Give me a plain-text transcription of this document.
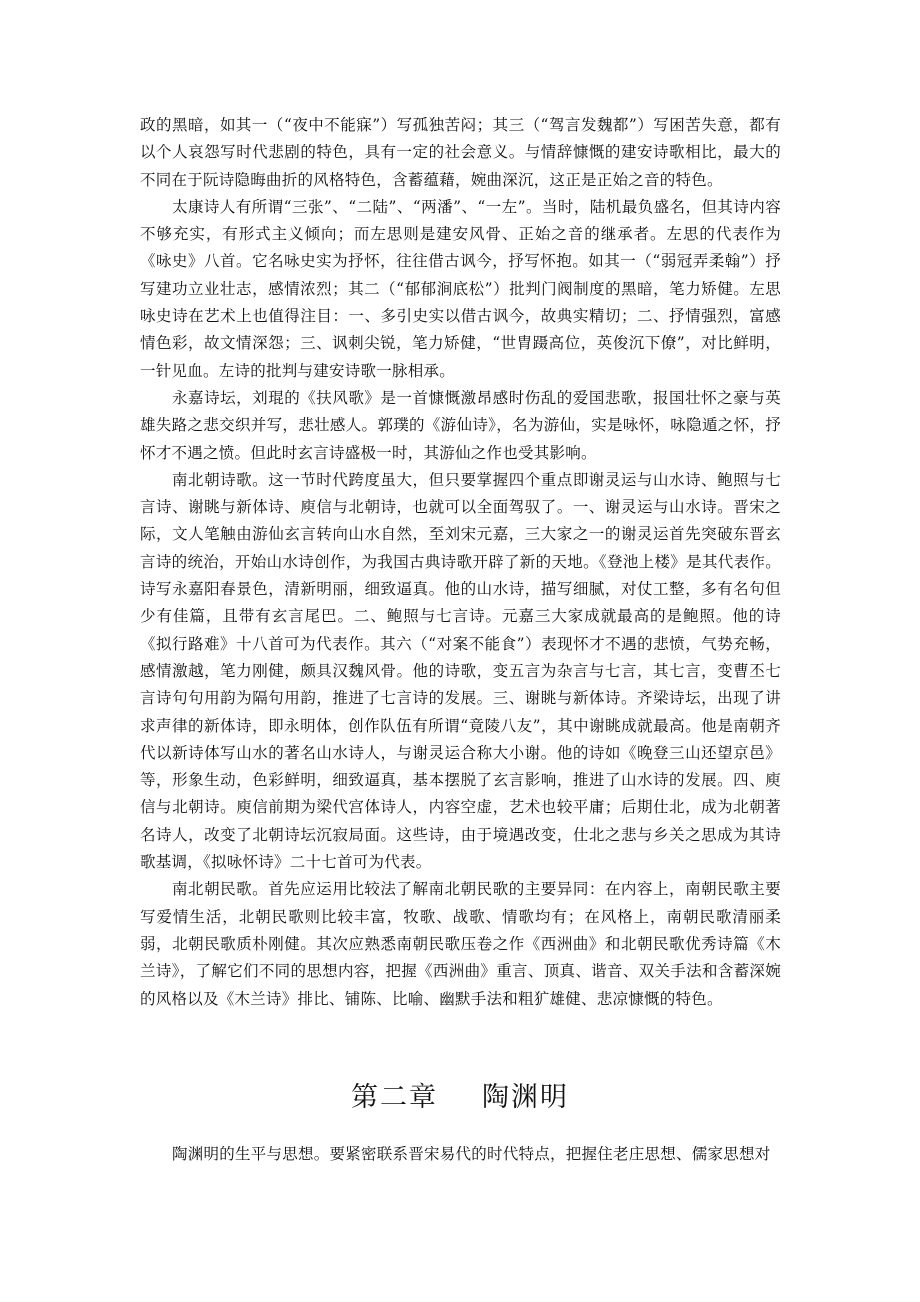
政的黑暗，如其一（“夜中不能寐”）写孤独苦闷；其三（“驾言发魏都”）写困苦失意，都有以个人哀怨写时代悲剧的特色，具有一定的社会意义。与情辞慷慨的建安诗歌相比，最大的不同在于阮诗隐晦曲折的风格特色，含蓄蕴藉，婉曲深沉，这正是正始之音的特色。

太康诗人有所谓“三张”、“二陆”、“两潘”、“一左”。当时，陆机最负盛名，但其诗内容不够充实，有形式主义倾向；而左思则是建安风骨、正始之音的继承者。左思的代表作为《咏史》八首。它名咏史实为抒怀，往往借古讽今，抒写怀抱。如其一（“弱冠弄柔翰”）抒写建功立业壮志，感情浓烈；其二（“郁郁涧底松”）批判门阀制度的黑暗，笔力矫健。左思咏史诗在艺术上也值得注目：一、多引史实以借古讽今，故典实精切；二、抒情强烈，富感情色彩，故文情深怨；三、讽刺尖锐，笔力矫健，“世胄蹑高位，英俊沉下僚”，对比鲜明，一针见血。左诗的批判与建安诗歌一脉相承。

永嘉诗坛，刘琨的《扶风歌》是一首慷慨激昂感时伤乱的爱国悲歌，报国壮怀之豪与英雄失路之悲交织并写，悲壮感人。郭璞的《游仙诗》，名为游仙，实是咏怀，咏隐遁之怀，抒怀才不遇之愤。但此时玄言诗盛极一时，其游仙之作也受其影响。

南北朝诗歌。这一节时代跨度虽大，但只要掌握四个重点即谢灵运与山水诗、鲍照与七言诗、谢眺与新体诗、庾信与北朝诗，也就可以全面驾驭了。一、谢灵运与山水诗。晋宋之际，文人笔触由游仙玄言转向山水自然，至刘宋元嘉，三大家之一的谢灵运首先突破东晋玄言诗的统治，开始山水诗创作，为我国古典诗歌开辟了新的天地。《登池上楼》是其代表作。诗写永嘉阳春景色，清新明丽，细致逼真。他的山水诗，描写细腻，对仗工整，多有名句但少有佳篇，且带有玄言尾巴。二、鲍照与七言诗。元嘉三大家成就最高的是鲍照。他的诗《拟行路难》十八首可为代表作。其六（“对案不能食”）表现怀才不遇的悲愤，气势充畅，感情激越，笔力刚健，颇具汉魏风骨。他的诗歌，变五言为杂言与七言，其七言，变曹丕七言诗句句用韵为隔句用韵，推进了七言诗的发展。三、谢眺与新体诗。齐梁诗坛，出现了讲求声律的新体诗，即永明体，创作队伍有所谓“竟陵八友”，其中谢眺成就最高。他是南朝齐代以新诗体写山水的著名山水诗人，与谢灵运合称大小谢。他的诗如《晚登三山还望京邑》等，形象生动，色彩鲜明，细致逼真，基本摆脱了玄言影响，推进了山水诗的发展。四、庾信与北朝诗。庾信前期为梁代宫体诗人，内容空虚，艺术也较平庸；后期仕北，成为北朝著名诗人，改变了北朝诗坛沉寂局面。这些诗，由于境遇改变，仕北之悲与乡关之思成为其诗歌基调，《拟咏怀诗》二十七首可为代表。

南北朝民歌。首先应运用比较法了解南北朝民歌的主要异同：在内容上，南朝民歌主要写爱情生活，北朝民歌则比较丰富，牧歌、战歌、情歌均有；在风格上，南朝民歌清丽柔弱，北朝民歌质朴刚健。其次应熟悉南朝民歌压卷之作《西洲曲》和北朝民歌优秀诗篇《木兰诗》，了解它们不同的思想内容，把握《西洲曲》重言、顶真、谐音、双关手法和含蓄深婉的风格以及《木兰诗》排比、铺陈、比喻、幽默手法和粗犷雄健、悲凉慷慨的特色。

第二章 陶渊明

陶渊明的生平与思想。要紧密联系晋宋易代的时代特点，把握住老庄思想、儒家思想对
